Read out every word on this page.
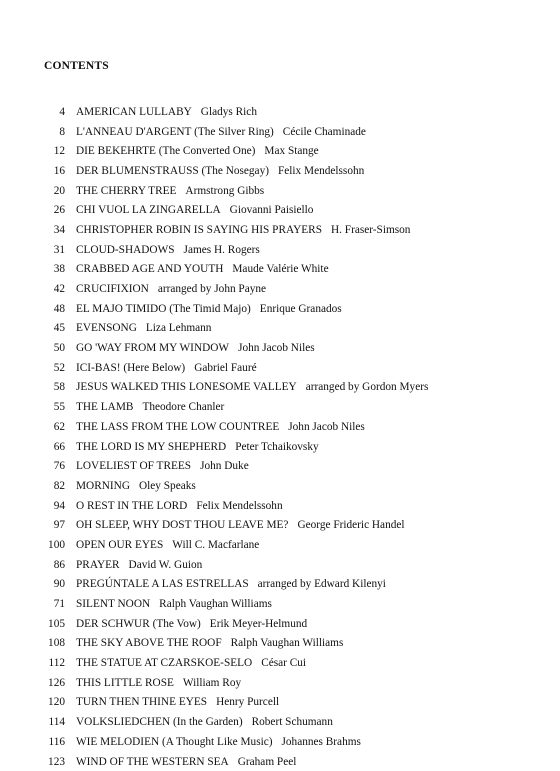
CONTENTS
4 AMERICAN LULLABY Gladys Rich
8 L'ANNEAU D'ARGENT (The Silver Ring) Cécile Chaminade
12 DIE BEKEHRTE (The Converted One) Max Stange
16 DER BLUMENSTRAUSS (The Nosegay) Felix Mendelssohn
20 THE CHERRY TREE Armstrong Gibbs
26 CHI VUOL LA ZINGARELLA Giovanni Paisiello
34 CHRISTOPHER ROBIN IS SAYING HIS PRAYERS H. Fraser-Simson
31 CLOUD-SHADOWS James H. Rogers
38 CRABBED AGE AND YOUTH Maude Valérie White
42 CRUCIFIXION arranged by John Payne
48 EL MAJO TIMIDO (The Timid Majo) Enrique Granados
45 EVENSONG Liza Lehmann
50 GO 'WAY FROM MY WINDOW John Jacob Niles
52 ICI-BAS! (Here Below) Gabriel Fauré
58 JESUS WALKED THIS LONESOME VALLEY arranged by Gordon Myers
55 THE LAMB Theodore Chanler
62 THE LASS FROM THE LOW COUNTREE John Jacob Niles
66 THE LORD IS MY SHEPHERD Peter Tchaikovsky
76 LOVELIEST OF TREES John Duke
82 MORNING Oley Speaks
94 O REST IN THE LORD Felix Mendelssohn
97 OH SLEEP, WHY DOST THOU LEAVE ME? George Frideric Handel
100 OPEN OUR EYES Will C. Macfarlane
86 PRAYER David W. Guion
90 PREGÚNTALE A LAS ESTRELLAS arranged by Edward Kilenyi
71 SILENT NOON Ralph Vaughan Williams
105 DER SCHWUR (The Vow) Erik Meyer-Helmund
108 THE SKY ABOVE THE ROOF Ralph Vaughan Williams
112 THE STATUE AT CZARSKOE-SELO César Cui
126 THIS LITTLE ROSE William Roy
120 TURN THEN THINE EYES Henry Purcell
114 VOLKSLIEDCHEN (In the Garden) Robert Schumann
116 WIE MELODIEN (A Thought Like Music) Johannes Brahms
123 WIND OF THE WESTERN SEA Graham Peel
